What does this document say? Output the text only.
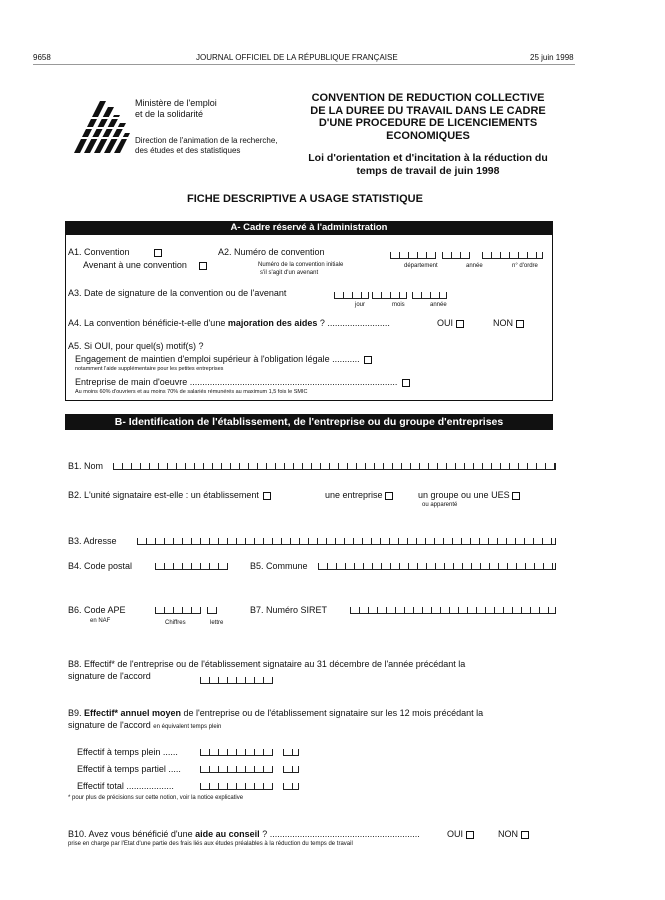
9658	JOURNAL OFFICIEL DE LA RÉPUBLIQUE FRANÇAISE	25 juin 1998
Ministère de l'emploi
et de la solidarité
Direction de l'animation de la recherche,
des études et des statistiques
CONVENTION DE REDUCTION COLLECTIVE DE LA DUREE DU TRAVAIL DANS LE CADRE D'UNE PROCEDURE DE LICENCIEMENTS ECONOMIQUES
Loi d'orientation et d'incitation à la réduction du temps de travail de juin 1998
FICHE DESCRIPTIVE A USAGE STATISTIQUE
A- Cadre réservé à l'administration
A1. Convention
Avenant à une convention
A2. Numéro de convention
Numéro de la convention initiale
s'il s'agit d'un avenant
département	année	n° d'ordre
A3. Date de signature de la convention ou de l'avenant
jour	mois	année
A4. La convention bénéficie-t-elle d'une majoration des aides ? .........................	OUI	NON
A5. Si OUI, pour quel(s) motif(s) ?
Engagement de maintien d'emploi supérieur à l'obligation légale ...........
notamment l'aide supplémentaire pour les petites entreprises
Entreprise de main d'oeuvre ...................................................................................
Au moins 60% d'ouvriers et au moins 70% de salariés rémunérés au maximum 1,5 fois le SMIC
B- Identification de l'établissement, de l'entreprise ou du groupe d'entreprises
B1. Nom
B2. L'unité signataire est-elle : un établissement	une entreprise	un groupe ou une UES
ou apparenté
B3. Adresse
B4. Code postal	B5. Commune
B6. Code APE
en NAF	Chiffres	lettre
B7. Numéro SIRET
B8. Effectif* de l'entreprise ou de l'établissement signataire au 31 décembre de l'année précédant la
signature de l'accord
B9. Effectif* annuel moyen de l'entreprise ou de l'établissement signataire sur les 12 mois précédant la
signature de l'accord en équivalent temps plein
Effectif à temps plein ......
Effectif à temps partiel .....
Effectif total ...................
* pour plus de précisions sur cette notion, voir la notice explicative
B10. Avez vous bénéficié d'une aide au conseil ? ............................................................	OUI	NON
prise en charge par l'Etat d'une partie des frais liés aux études préalables à la réduction du temps de travail
